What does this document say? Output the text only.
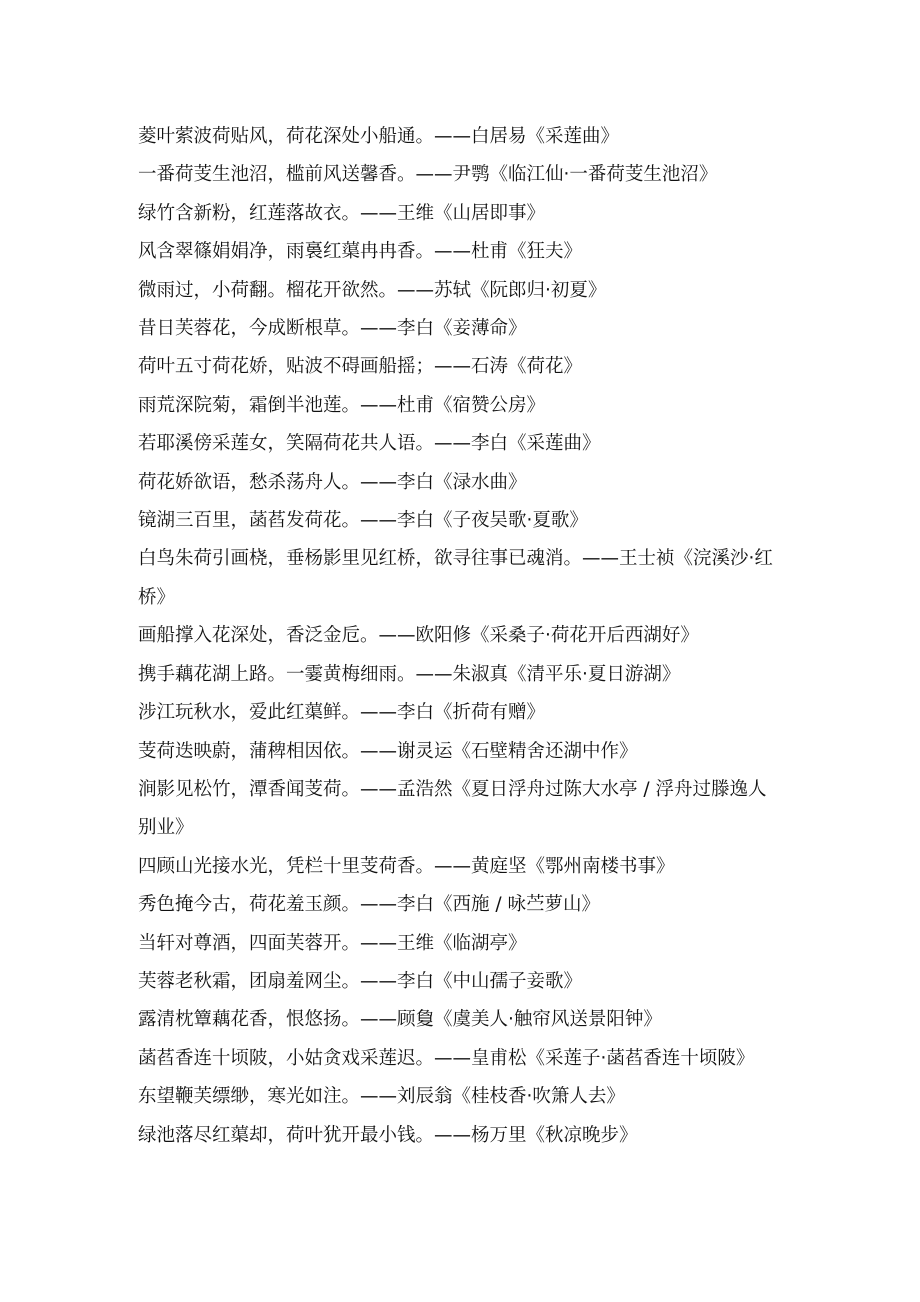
菱叶萦波荷贴风，荷花深处小船通。——白居易《采莲曲》
一番荷芰生池沼，槛前风送馨香。——尹鹗《临江仙·一番荷芰生池沼》
绿竹含新粉，红莲落故衣。——王维《山居即事》
风含翠篠娟娟净，雨裛红蕖冉冉香。——杜甫《狂夫》
微雨过，小荷翻。榴花开欲然。——苏轼《阮郎归·初夏》
昔日芙蓉花，今成断根草。——李白《妾薄命》
荷叶五寸荷花娇，贴波不碍画船摇；——石涛《荷花》
雨荒深院菊，霜倒半池莲。——杜甫《宿赞公房》
若耶溪傍采莲女，笑隔荷花共人语。——李白《采莲曲》
荷花娇欲语，愁杀荡舟人。——李白《渌水曲》
镜湖三百里，菡萏发荷花。——李白《子夜吴歌·夏歌》
白鸟朱荷引画桡，垂杨影里见红桥，欲寻往事已魂消。——王士祯《浣溪沙·红
桥》
画船撑入花深处，香泛金卮。——欧阳修《采桑子·荷花开后西湖好》
携手藕花湖上路。一霎黄梅细雨。——朱淑真《清平乐·夏日游湖》
涉江玩秋水，爱此红蕖鲜。——李白《折荷有赠》
芰荷迭映蔚，蒲稗相因依。——谢灵运《石壁精舍还湖中作》
涧影见松竹，潭香闻芰荷。——孟浩然《夏日浮舟过陈大水亭 / 浮舟过滕逸人
别业》
四顾山光接水光，凭栏十里芰荷香。——黄庭坚《鄂州南楼书事》
秀色掩今古，荷花羞玉颜。——李白《西施 / 咏苎萝山》
当轩对尊酒，四面芙蓉开。——王维《临湖亭》
芙蓉老秋霜，团扇羞网尘。——李白《中山孺子妾歌》
露清枕簟藕花香，恨悠扬。——顾敻《虞美人·触帘风送景阳钟》
菡萏香连十顷陂，小姑贪戏采莲迟。——皇甫松《采莲子·菡萏香连十顷陂》
东望鞭芙缥缈，寒光如注。——刘辰翁《桂枝香·吹箫人去》
绿池落尽红蕖却，荷叶犹开最小钱。——杨万里《秋凉晚步》
